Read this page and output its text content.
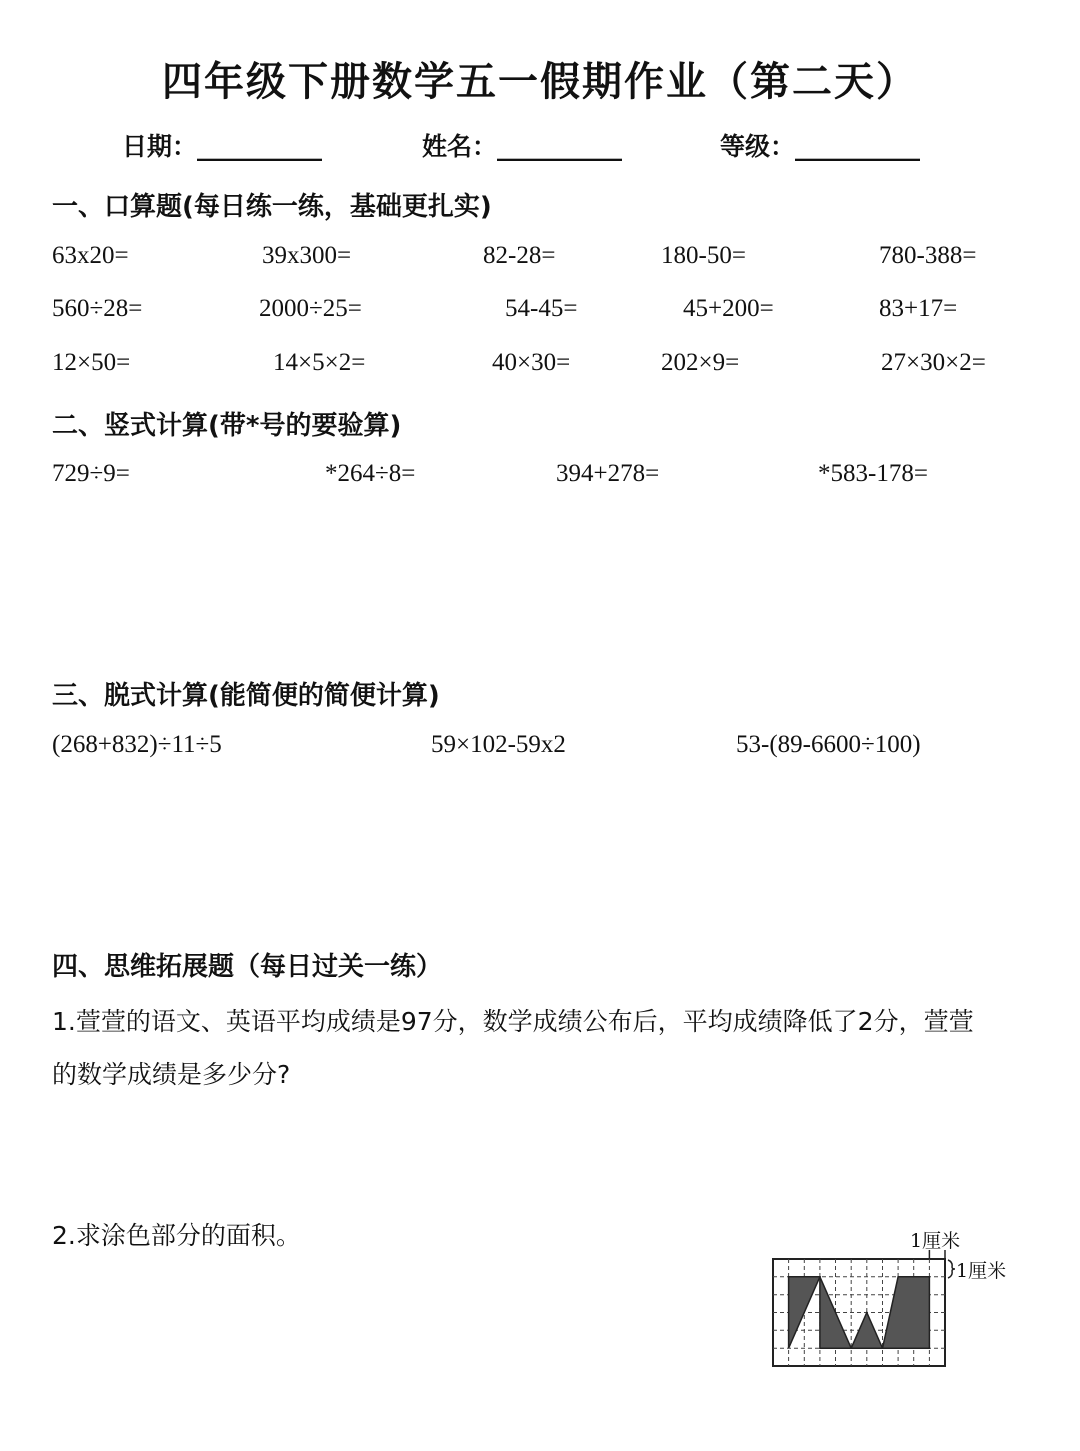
四年级下册数学五一假期作业（第二天）
日期：__________	姓名：__________	等级：__________
一、口算题(每日练一练，基础更扎实)
63x20=	39x300=	82-28=	180-50=	780-388=
560÷28=	2000÷25=	54-45=	45+200=	83+17=
12×50=	14×5×2=	40×30=	202×9=	27×30×2=
二、竖式计算(带*号的要验算)
729÷9=	*264÷8=	394+278=	*583-178=
三、脱式计算(能简便的简便计算)
(268+832)÷11÷5	59×102-59x2	53-(89-6600÷100)
四、思维拓展题（每日过关一练）
1.萱萱的语文、英语平均成绩是97分，数学成绩公布后，平均成绩降低了2分，萱萱
的数学成绩是多少分?
2.求涂色部分的面积。	1厘米
1厘米
